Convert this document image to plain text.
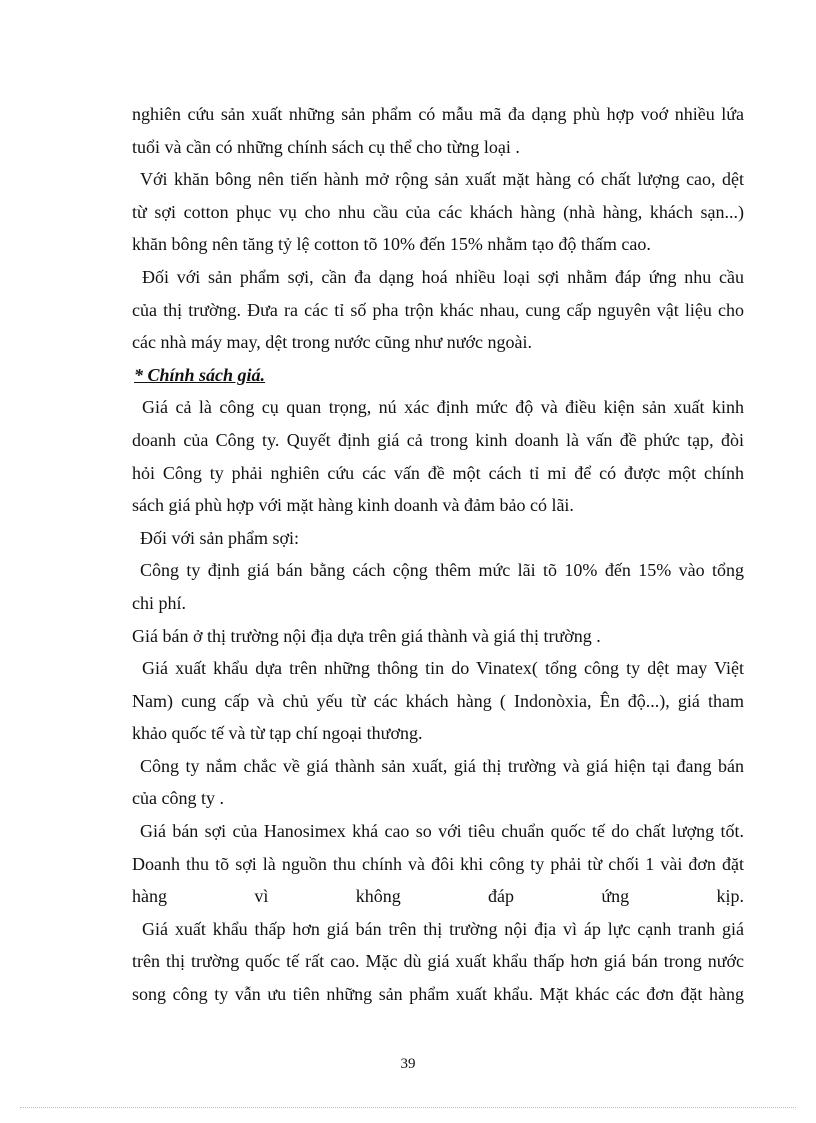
nghiên cứu sản xuất những sản phẩm có mẫu mã đa dạng phù hợp voớ nhiều lứa
tuổi và cần có những chính sách cụ thể cho từng loại .
Với khăn bông nên tiến hành mở rộng sản xuất mặt hàng có chất lượng cao, dệt
từ sợi cotton phục vụ cho nhu cầu của các khách hàng (nhà hàng, khách sạn...)
khăn bông nên tăng tỷ lệ cotton tõ 10% đến 15% nhằm tạo độ thấm cao.
Đối với sản phẩm sợi, cần đa dạng hoá nhiều loại sợi nhằm đáp ứng nhu cầu
của thị trường. Đưa ra các tỉ số pha trộn khác nhau, cung cấp nguyên vật liệu cho
các nhà máy may, dệt trong nước cũng như nước ngoài.
* Chính sách giá.
Giá cả là công cụ quan trọng, nú xác định mức độ và điều kiện sản xuất kinh
doanh của Công ty. Quyết định giá cả trong kinh doanh là vấn đề phức tạp, đòi
hỏi Công ty phải nghiên cứu các vấn đề một cách tỉ mỉ để có được một chính
sách giá phù hợp với mặt hàng kinh doanh và đảm bảo có lãi.
Đối với sản phẩm sợi:
Công ty định giá bán bằng cách cộng thêm mức lãi tõ 10% đến 15% vào tổng
chi phí.
Giá bán ở thị trường nội địa dựa trên giá thành và giá thị trường .
Giá xuất khẩu dựa trên những thông tin do Vinatex( tổng công ty dệt may Việt
Nam) cung cấp và chủ yếu từ các khách hàng ( Indonòxia, Ên độ...), giá tham
khảo quốc tế và từ tạp chí ngoại thương.
Công ty nắm chắc về giá thành sản xuất, giá thị trường và giá hiện tại đang bán
của công ty .
Giá bán sợi của Hanosimex khá cao so với tiêu chuẩn quốc tế do chất lượng tốt.
Doanh thu tõ sợi là nguồn thu chính và đôi khi công ty phải từ chối 1 vài đơn đặt
hàng vì không đáp ứng kịp.
Giá xuất khẩu thấp hơn giá bán trên thị trường nội địa vì áp lực cạnh tranh giá
trên thị trường quốc tế rất cao. Mặc dù giá xuất khẩu thấp hơn giá bán trong nước
song công ty vẫn ưu tiên những sản phẩm xuất khẩu. Mặt khác các đơn đặt hàng
39
